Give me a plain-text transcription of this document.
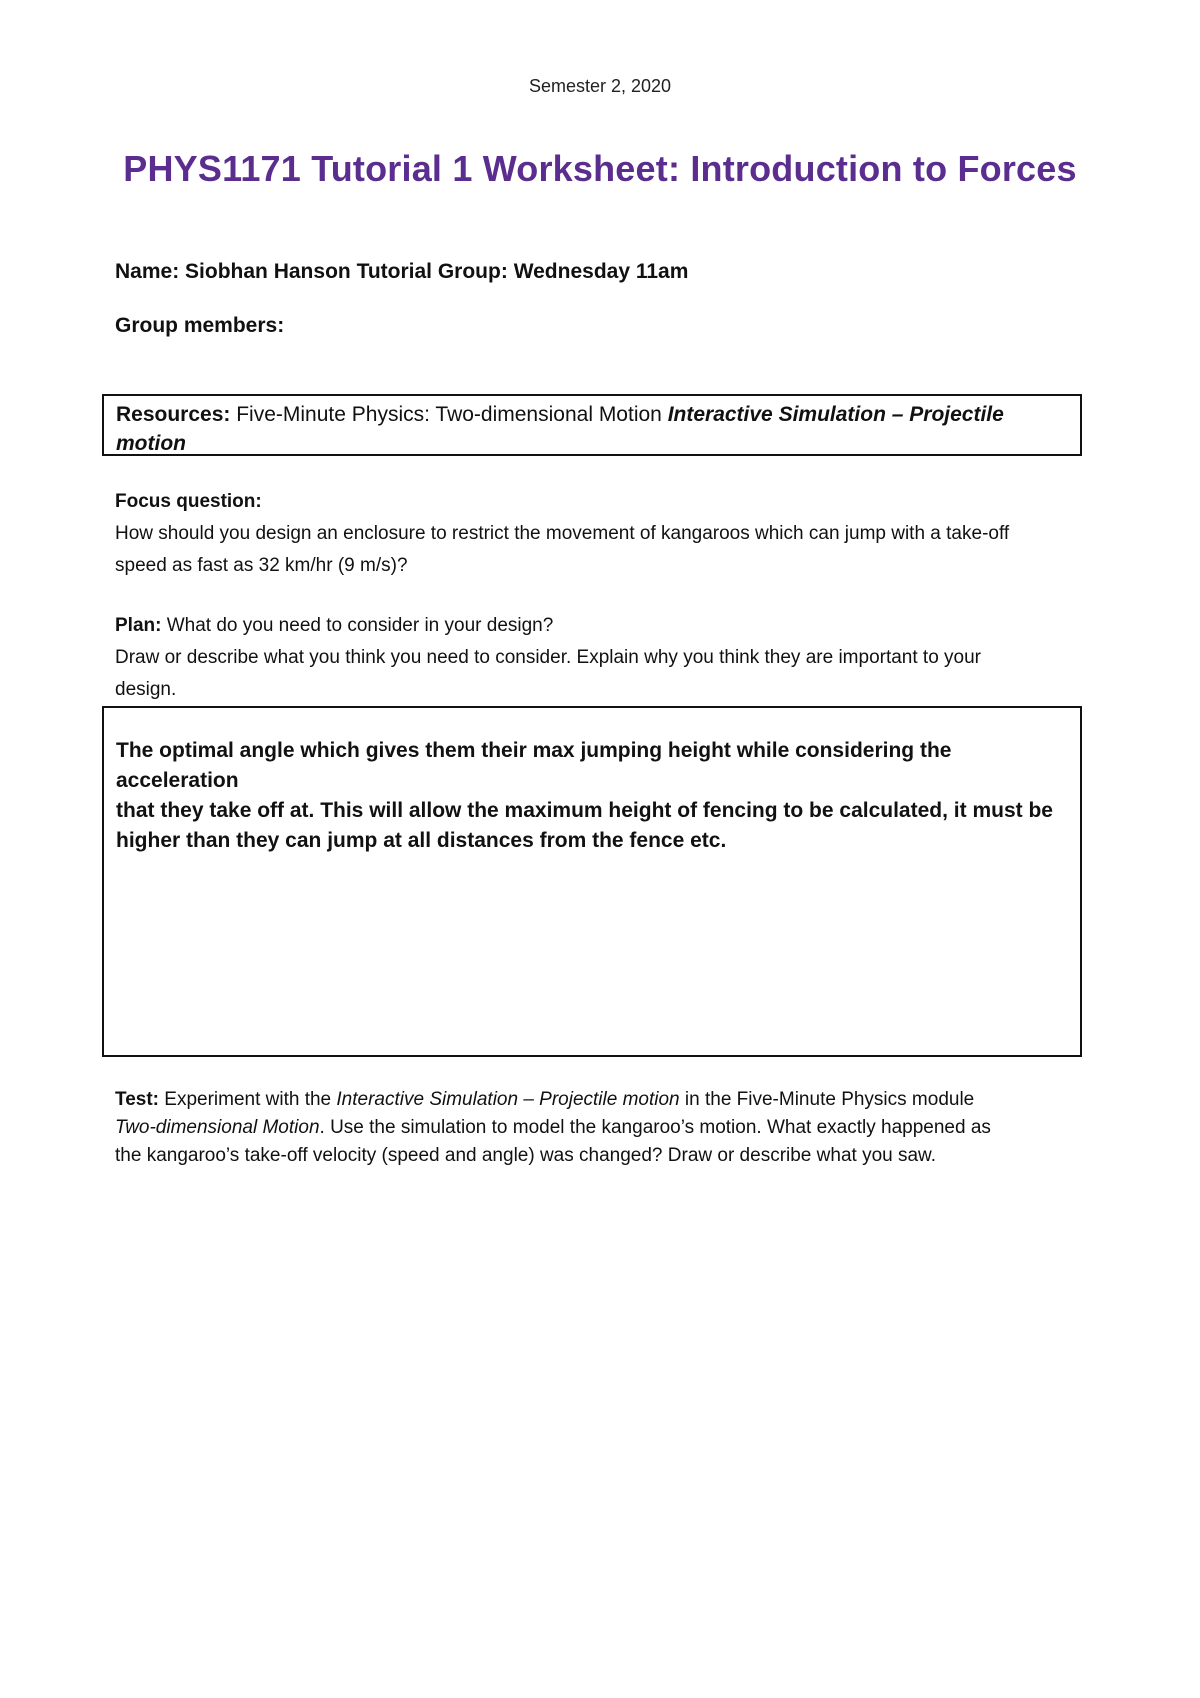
Semester 2, 2020
PHYS1171 Tutorial 1 Worksheet: Introduction to Forces
Name: Siobhan Hanson Tutorial Group: Wednesday 11am
Group members:
Resources: Five-Minute Physics: Two-dimensional Motion Interactive Simulation – Projectile
motion
Focus question:
How should you design an enclosure to restrict the movement of kangaroos which can jump with a take-off
speed as fast as 32 km/hr (9 m/s)?
Plan: What do you need to consider in your design?
Draw or describe what you think you need to consider. Explain why you think they are important to your
design.
The optimal angle which gives them their max jumping height while considering the acceleration
that they take off at. This will allow the maximum height of fencing to be calculated, it must be
higher than they can jump at all distances from the fence etc.
Test: Experiment with the Interactive Simulation – Projectile motion in the Five-Minute Physics module
Two-dimensional Motion. Use the simulation to model the kangaroo’s motion. What exactly happened as
the kangaroo’s take-off velocity (speed and angle) was changed? Draw or describe what you saw.
